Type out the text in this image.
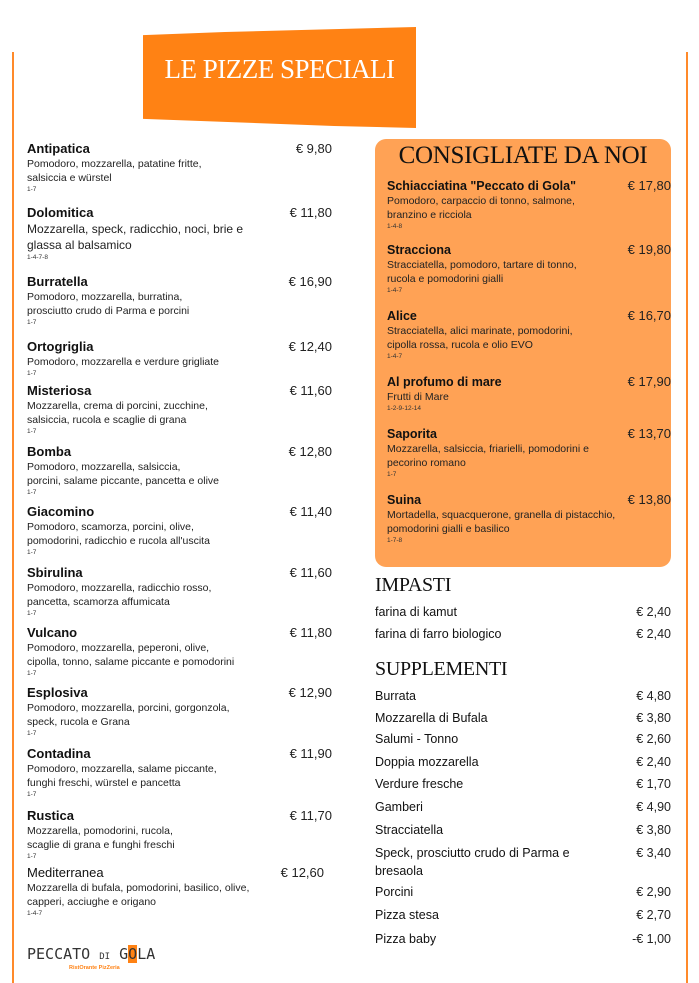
LE PIZZE SPECIALI
Antipatica	€ 9,80
Pomodoro, mozzarella, patatine fritte,
salsiccia e würstel
1-7
Dolomitica	€ 11,80
Mozzarella, speck, radicchio, noci, brie e
glassa al balsamico
1-4-7-8
Burratella	€ 16,90
Pomodoro, mozzarella, burratina,
prosciutto crudo di Parma e porcini
1-7
Ortogriglia	€ 12,40
Pomodoro, mozzarella e verdure grigliate
1-7
Misteriosa	€ 11,60
Mozzarella, crema di porcini, zucchine,
salsiccia, rucola e scaglie di grana
1-7
Bomba	€ 12,80
Pomodoro, mozzarella, salsiccia,
porcini, salame piccante, pancetta e olive
1-7
Giacomino	€ 11,40
Pomodoro, scamorza, porcini, olive,
pomodorini, radicchio e rucola all'uscita
1-7
Sbirulina	€ 11,60
Pomodoro, mozzarella, radicchio rosso,
pancetta, scamorza affumicata
1-7
Vulcano	€ 11,80
Pomodoro, mozzarella, peperoni, olive,
cipolla, tonno, salame piccante e pomodorini
1-7
Esplosiva	€ 12,90
Pomodoro, mozzarella, porcini, gorgonzola,
speck, rucola e Grana
1-7
Contadina	€ 11,90
Pomodoro, mozzarella, salame piccante,
funghi freschi, würstel e pancetta
1-7
Rustica	€ 11,70
Mozzarella, pomodorini, rucola,
scaglie di grana e funghi freschi
1-7
Mediterranea	€ 12,60
Mozzarella di bufala, pomodorini, basilico, olive,
capperi, acciughe e origano
1-4-7
PECCATO DI GOLA
RistOrante PizZeria
CONSIGLIATE DA NOI
Schiacciatina "Peccato di Gola"	€ 17,80
Pomodoro, carpaccio di tonno, salmone,
branzino e ricciola
1-4-8
Stracciona	€ 19,80
Stracciatella, pomodoro, tartare di tonno,
rucola e pomodorini gialli
1-4-7
Alice	€ 16,70
Stracciatella, alici marinate, pomodorini,
cipolla rossa, rucola e olio EVO
1-4-7
Al profumo di mare	€ 17,90
Frutti di Mare
1-2-9-12-14
Saporita	€ 13,70
Mozzarella, salsiccia, friarielli, pomodorini e
pecorino romano
1-7
Suina	€ 13,80
Mortadella, squacquerone, granella di pistacchio,
pomodorini gialli e basilico
1-7-8
IMPASTI
farina di kamut	€ 2,40
farina di farro biologico	€ 2,40
SUPPLEMENTI
Burrata	€ 4,80
Mozzarella di Bufala	€ 3,80
Salumi - Tonno	€ 2,60
Doppia mozzarella	€ 2,40
Verdure fresche	€ 1,70
Gamberi	€ 4,90
Stracciatella	€ 3,80
Speck, prosciutto crudo di Parma e
bresaola
€ 3,40
Porcini	€ 2,90
Pizza stesa	€ 2,70
Pizza baby	-€ 1,00
